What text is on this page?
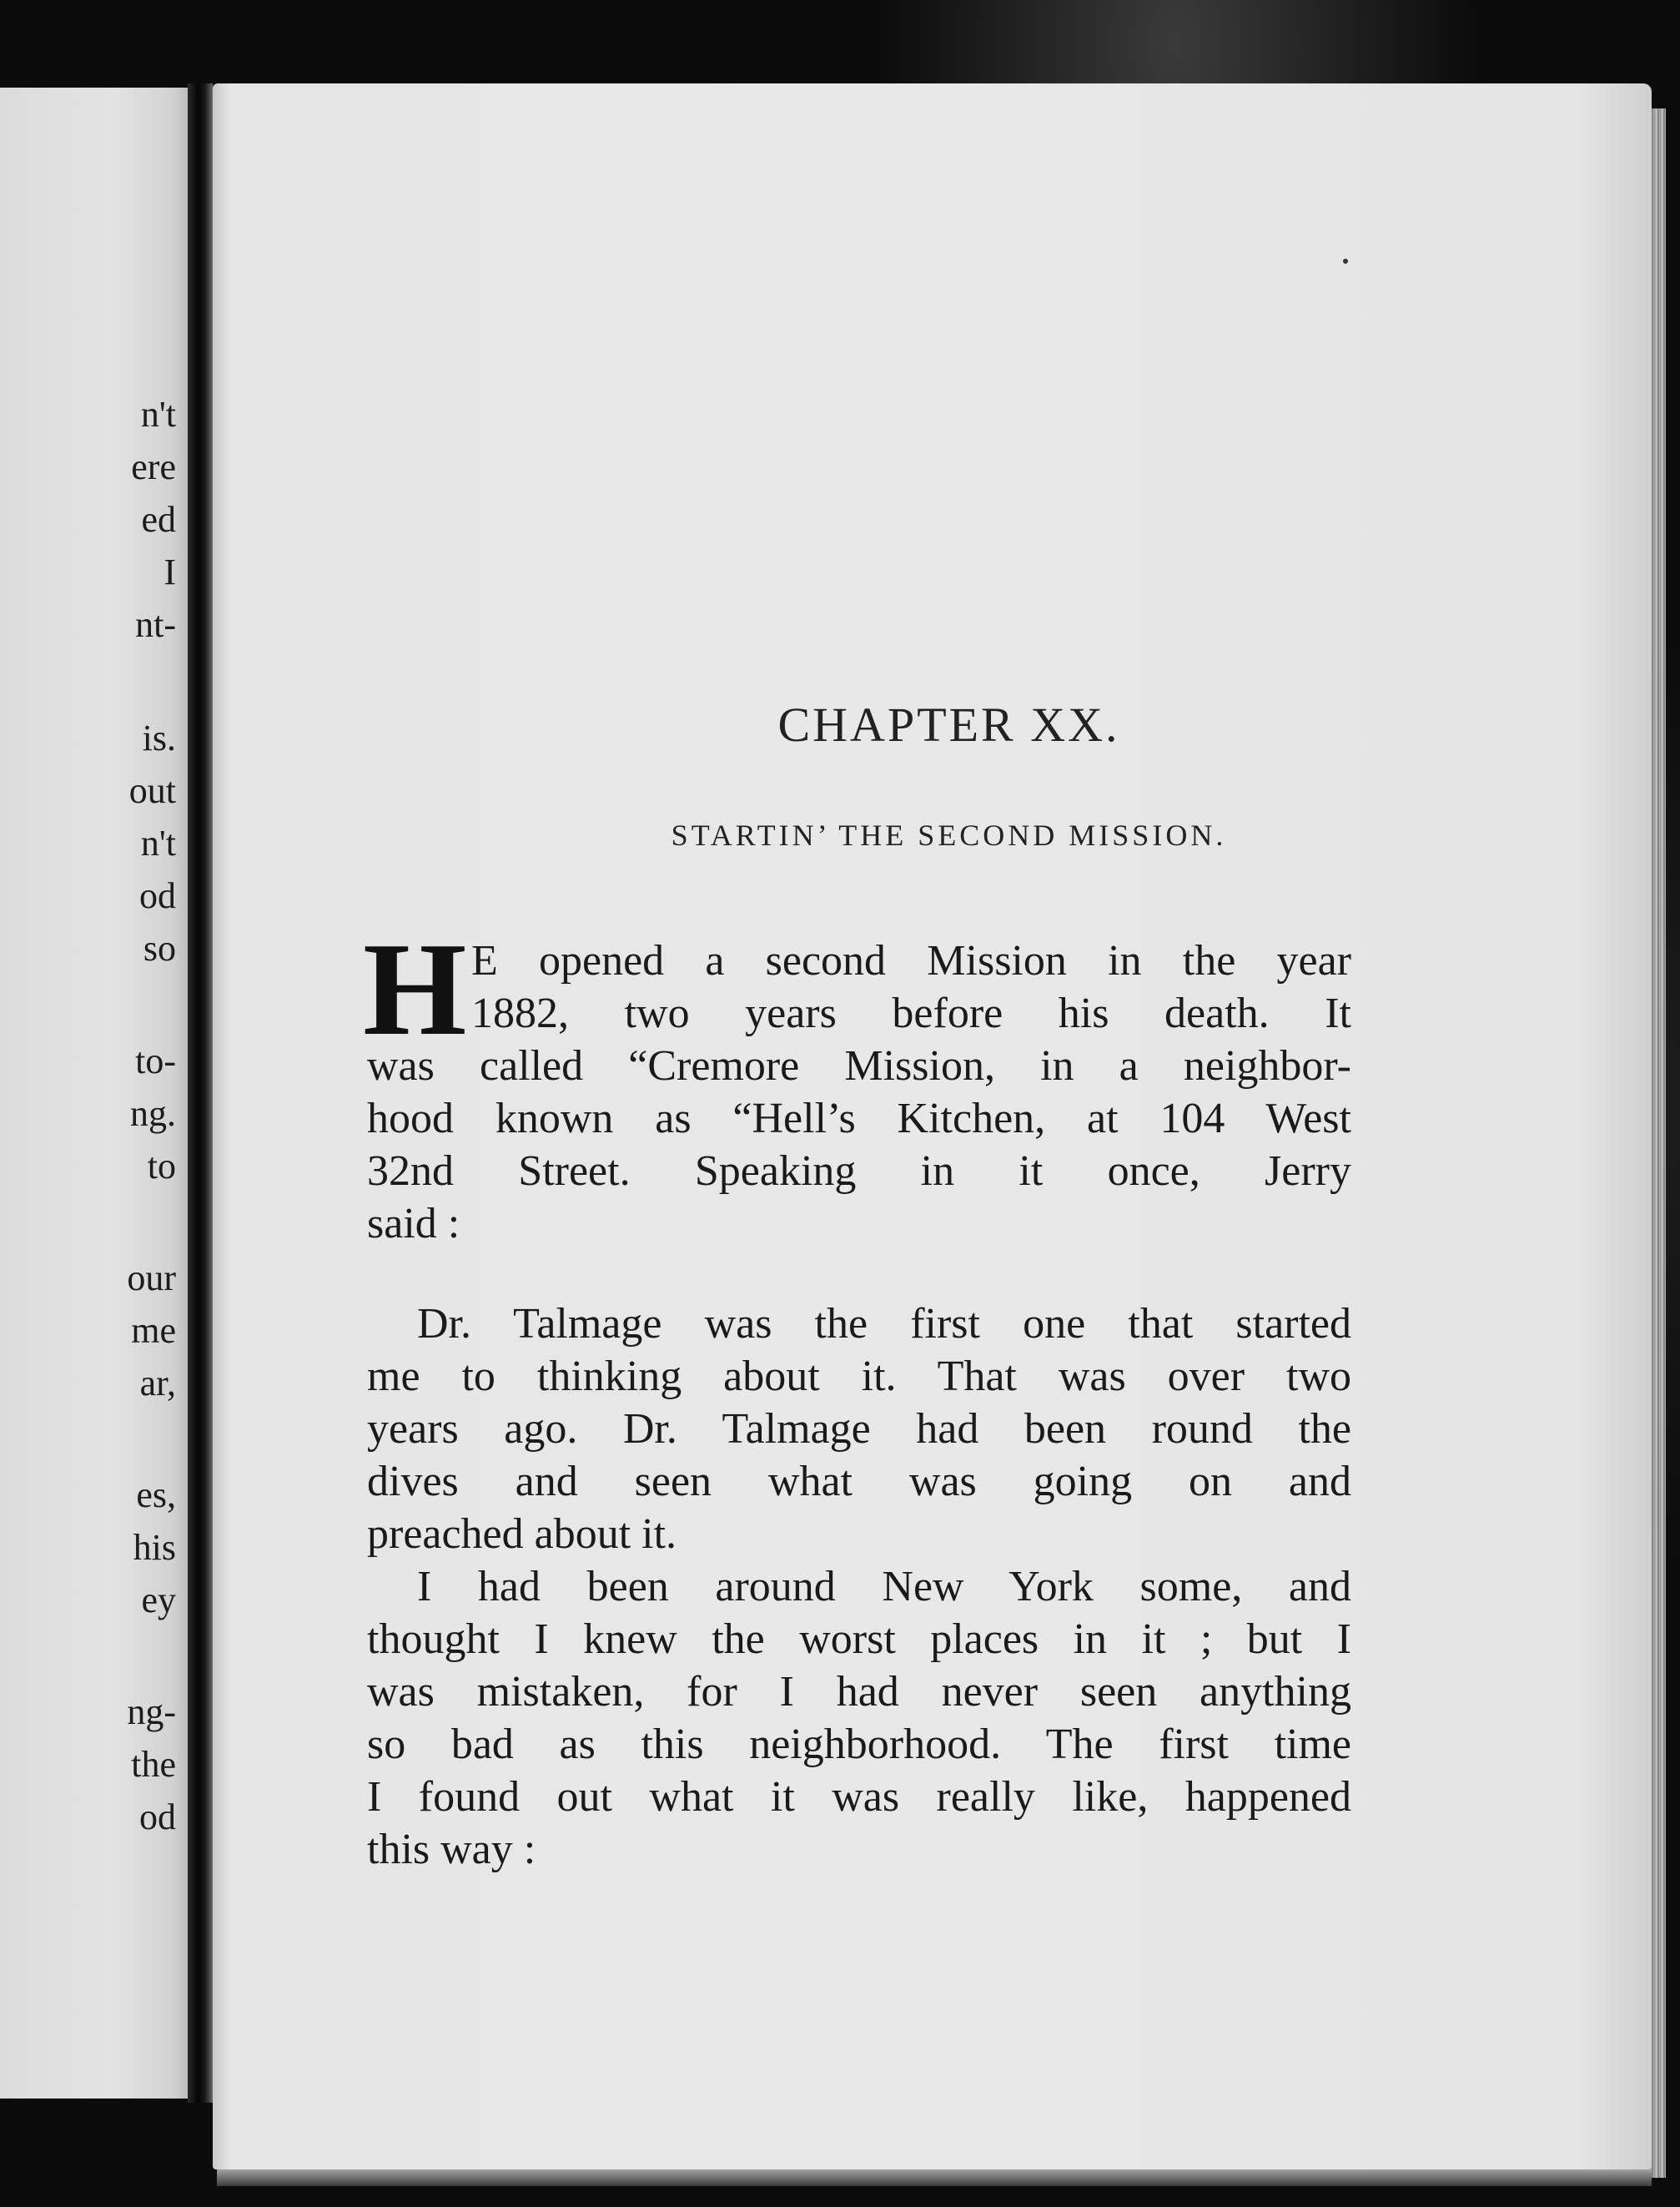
n't
ere
ed
I
nt-
is.
out
n't
od
so
to-
ng.
to
our
me
ar,
es,
his
ey
ng-
the
od
CHAPTER XX.
STARTIN’ THE SECOND MISSION.
H E opened a second Mission in the year
1882, two years before his death. It
was called “Cremore Mission, in a neighbor-
hood known as “Hell’s Kitchen, at 104 West
32nd Street. Speaking in it once, Jerry
said :
Dr. Talmage was the first one that started
me to thinking about it. That was over two
years ago. Dr. Talmage had been round the
dives and seen what was going on and
preached about it.
I had been around New York some, and
thought I knew the worst places in it ; but I
was mistaken, for I had never seen anything
so bad as this neighborhood. The first time
I found out what it was really like, happened
this way :
